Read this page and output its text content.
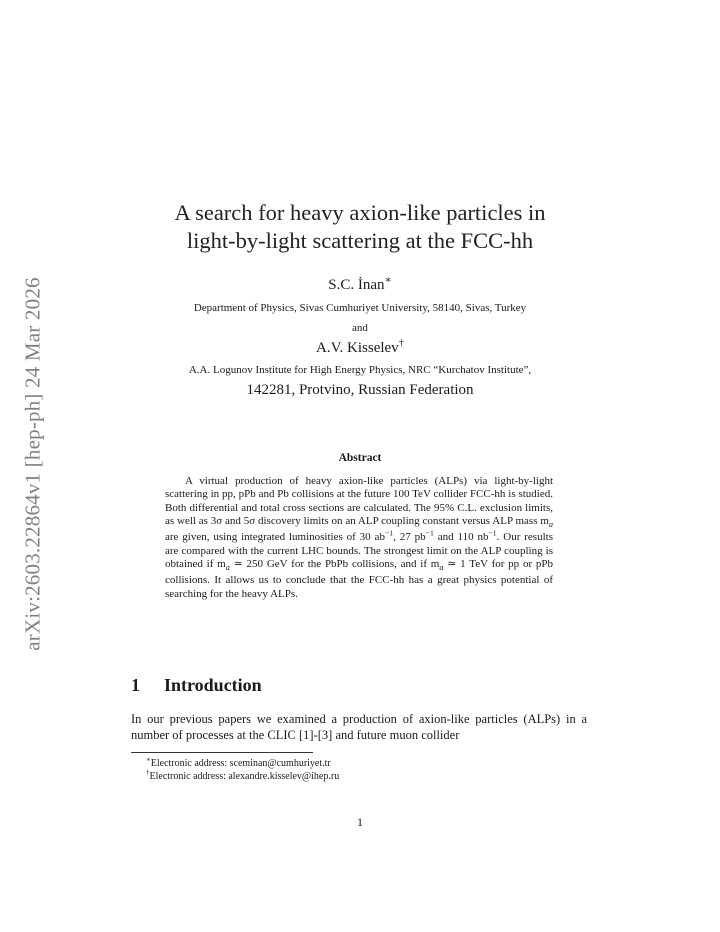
arXiv:2603.22864v1 [hep-ph] 24 Mar 2026
A search for heavy axion-like particles in
light-by-light scattering at the FCC-hh
S.C. İnan∗
Department of Physics, Sivas Cumhuriyet University, 58140, Sivas, Turkey
and
A.V. Kisselev†
A.A. Logunov Institute for High Energy Physics, NRC “Kurchatov Institute”,
142281, Protvino, Russian Federation
Abstract
A virtual production of heavy axion-like particles (ALPs) via light-by-light scattering in pp, pPb and Pb collisions at the future 100 TeV collider FCC-hh is studied. Both differential and total cross sections are calculated. The 95% C.L. exclusion limits, as well as 3σ and 5σ discovery limits on an ALP coupling constant versus ALP mass $m_a$ are given, using integrated luminosities of 30 $ab^{-1}$, 27 $pb^{-1}$ and 110 $nb^{-1}$. Our results are compared with the current LHC bounds. The strongest limit on the ALP coupling is obtained if $m_a$ ≃ 250 GeV for the PbPb collisions, and if $m_a$ ≃ 1 TeV for pp or pPb collisions. It allows us to conclude that the FCC-hh has a great physics potential of searching for the heavy ALPs.
1 Introduction
In our previous papers we examined a production of axion-like particles (ALPs) in a number of processes at the CLIC [1]-[3] and future muon collider
∗Electronic address: sceminan@cumhuriyet.tr
†Electronic address: alexandre.kisselev@ihep.ru
1
